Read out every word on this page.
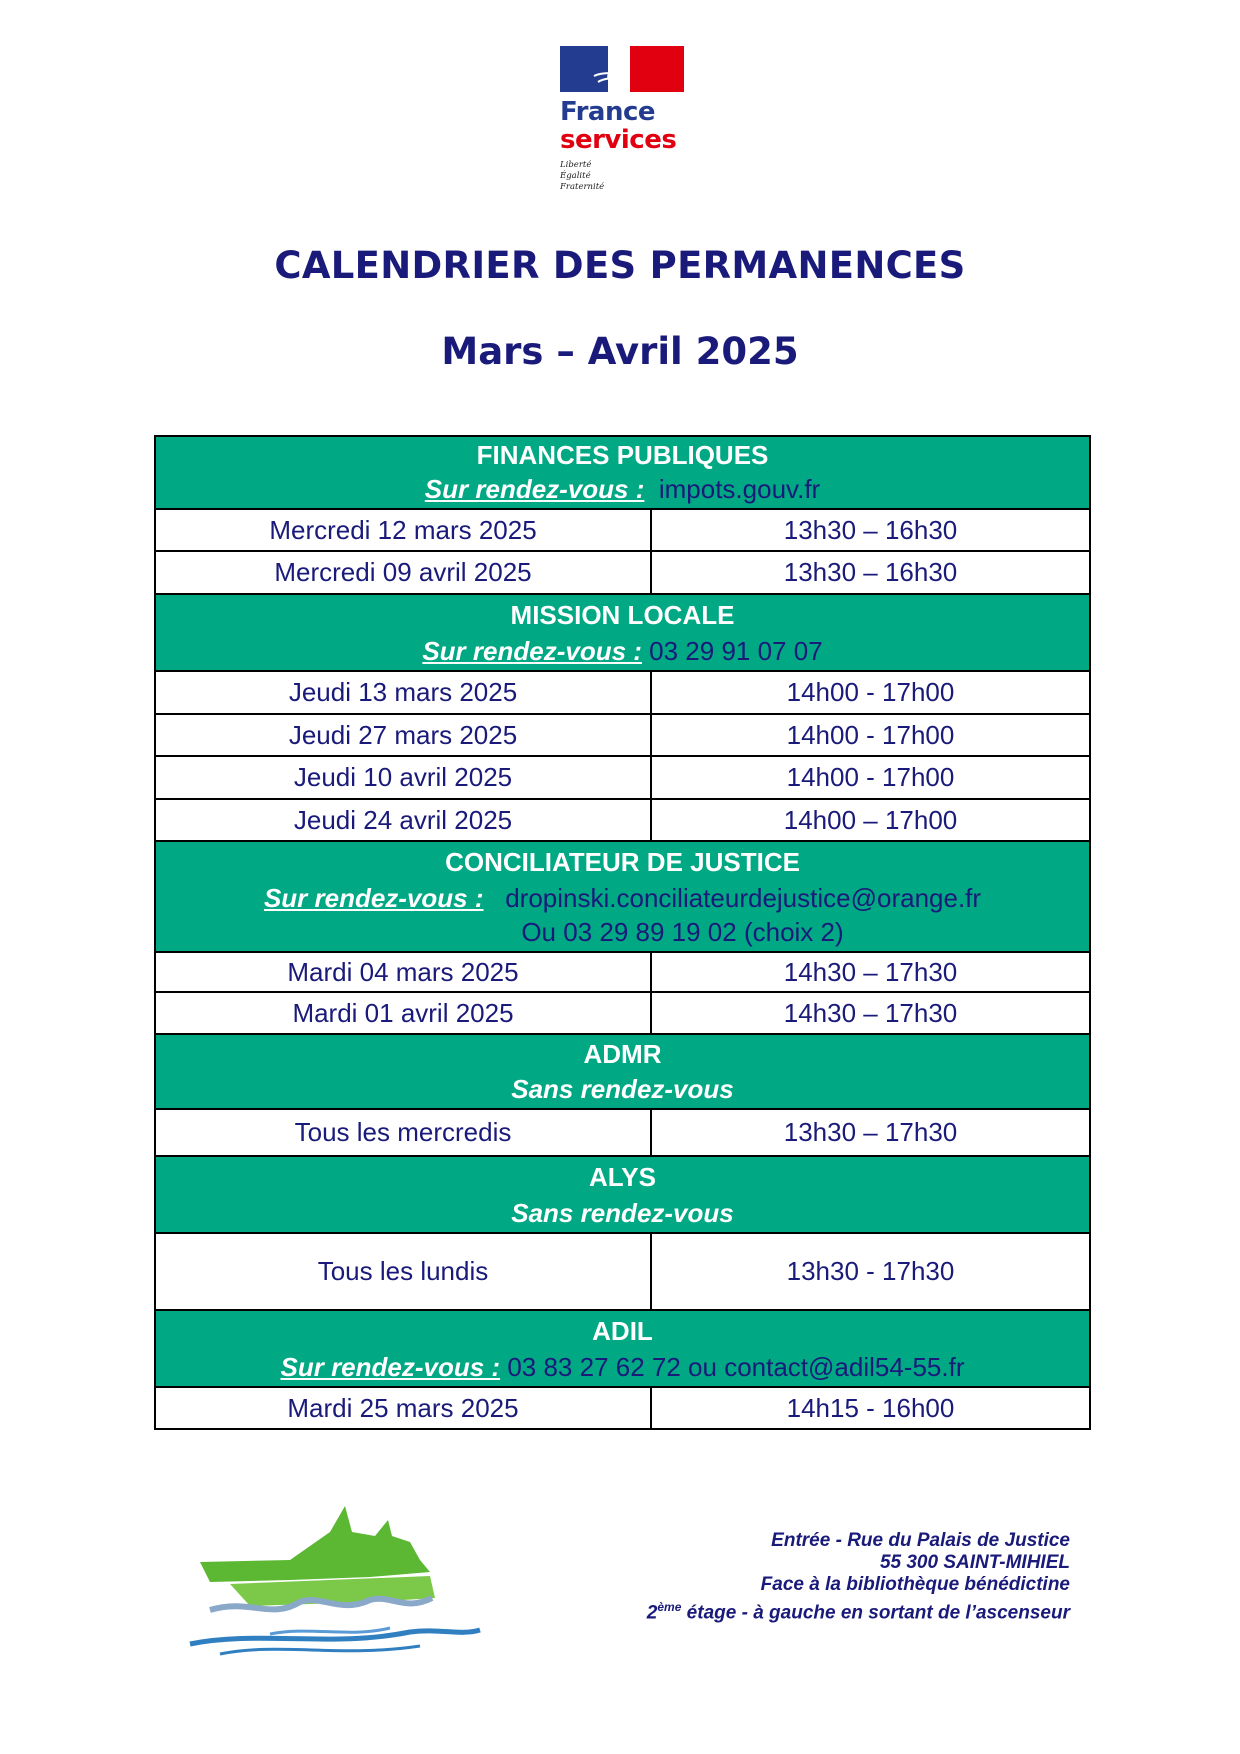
France
services
Liberté
Égalité
Fraternité
CALENDRIER DES PERMANENCES
Mars – Avril 2025
FINANCES PUBLIQUES
Sur rendez-vous : impots.gouv.fr
Mercredi 12 mars 2025	13h30 – 16h30
Mercredi 09 avril 2025	13h30 – 16h30
MISSION LOCALE
Sur rendez-vous : 03 29 91 07 07
Jeudi 13 mars 2025	14h00 - 17h00
Jeudi 27 mars 2025	14h00 - 17h00
Jeudi 10 avril 2025	14h00 - 17h00
Jeudi 24 avril 2025	14h00 – 17h00
CONCILIATEUR DE JUSTICE
Sur rendez-vous : dropinski.conciliateurdejustice@orange.fr
Ou 03 29 89 19 02 (choix 2)
Mardi 04 mars 2025	14h30 – 17h30
Mardi 01 avril 2025	14h30 – 17h30
ADMR
Sans rendez-vous
Tous les mercredis	13h30 – 17h30
ALYS
Sans rendez-vous
Tous les lundis	13h30 - 17h30
ADIL
Sur rendez-vous : 03 83 27 62 72 ou contact@adil54-55.fr
Mardi 25 mars 2025	14h15 - 16h00
Entrée - Rue du Palais de Justice
55 300 SAINT-MIHIEL
Face à la bibliothèque bénédictine
2ème étage - à gauche en sortant de l’ascenseur
